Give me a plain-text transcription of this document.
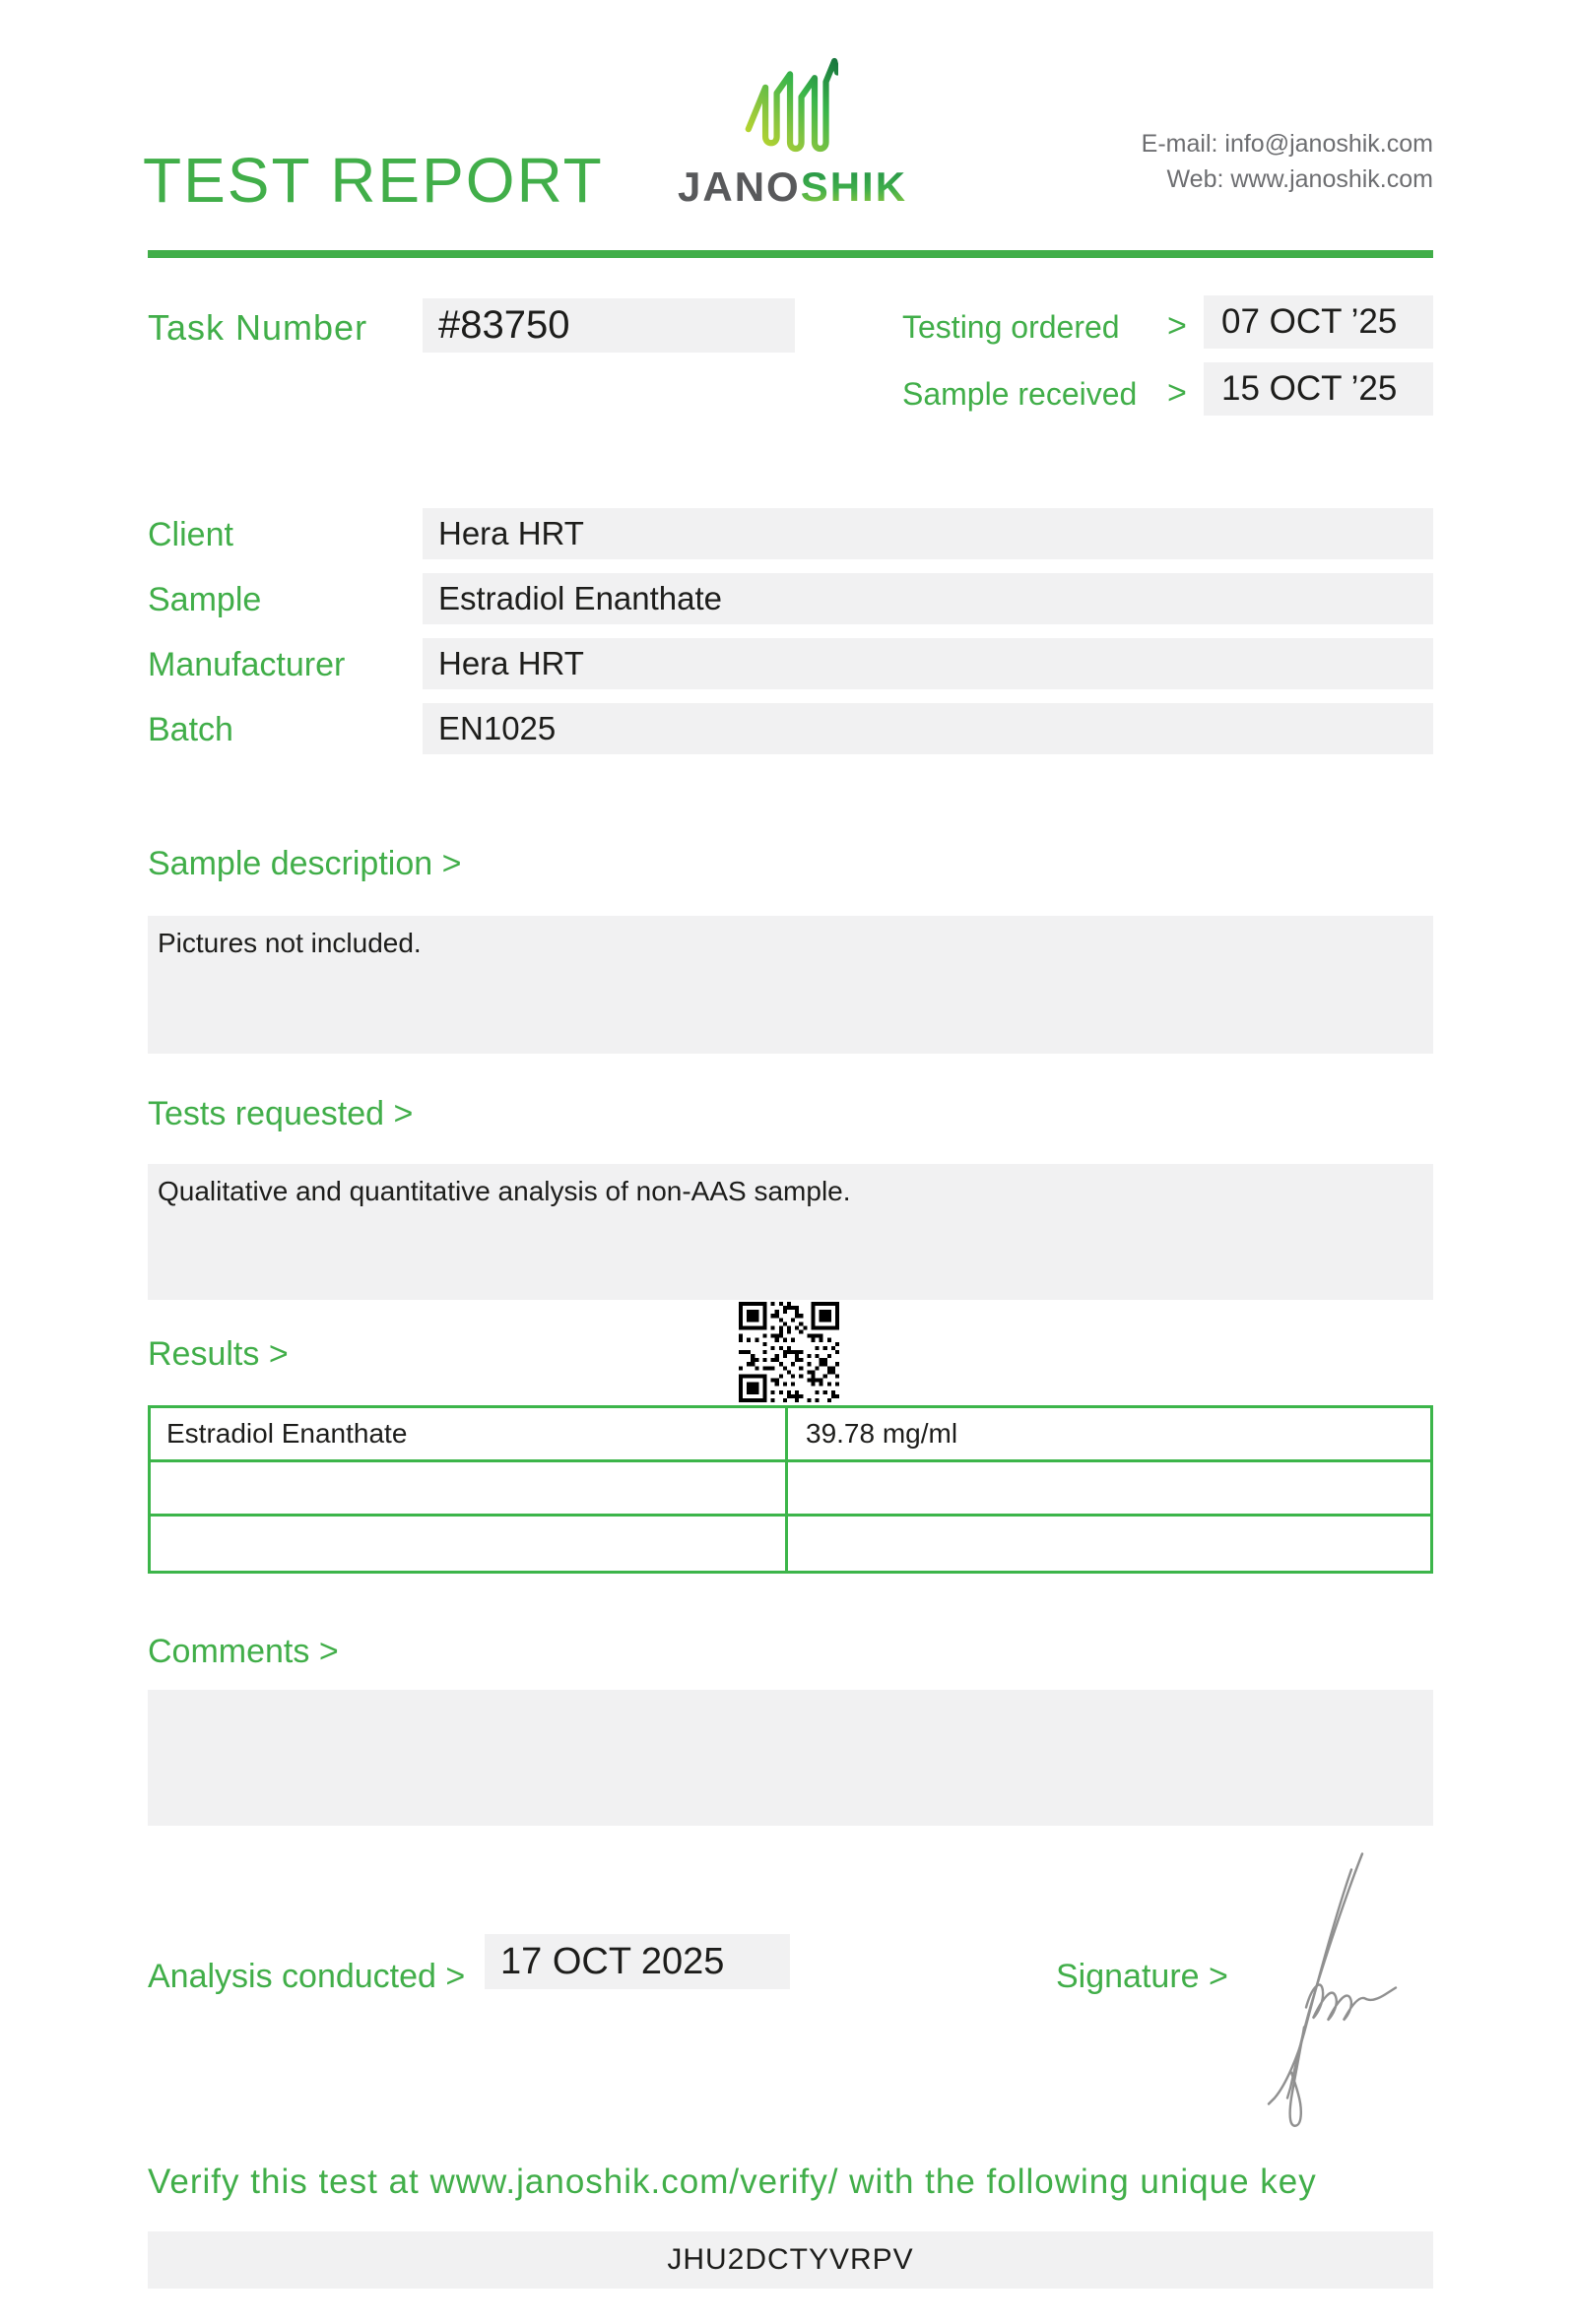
TEST REPORT JANOSHIK
E-mail: info@janoshik.com
Web: www.janoshik.com
Task Number	#83750	Testing ordered >	07 OCT ’25
Sample received >	15 OCT ’25
Client	Hera HRT
Sample	Estradiol Enanthate
Manufacturer	Hera HRT
Batch	EN1025
Sample description >
Pictures not included.
Tests requested >
Qualitative and quantitative analysis of non-AAS sample.
Results >
Estradiol Enanthate	39.78 mg/ml
Comments >
Analysis conducted > 17 OCT 2025	Signature >
Verify this test at www.janoshik.com/verify/ with the following unique key
JHU2DCTYVRPV
